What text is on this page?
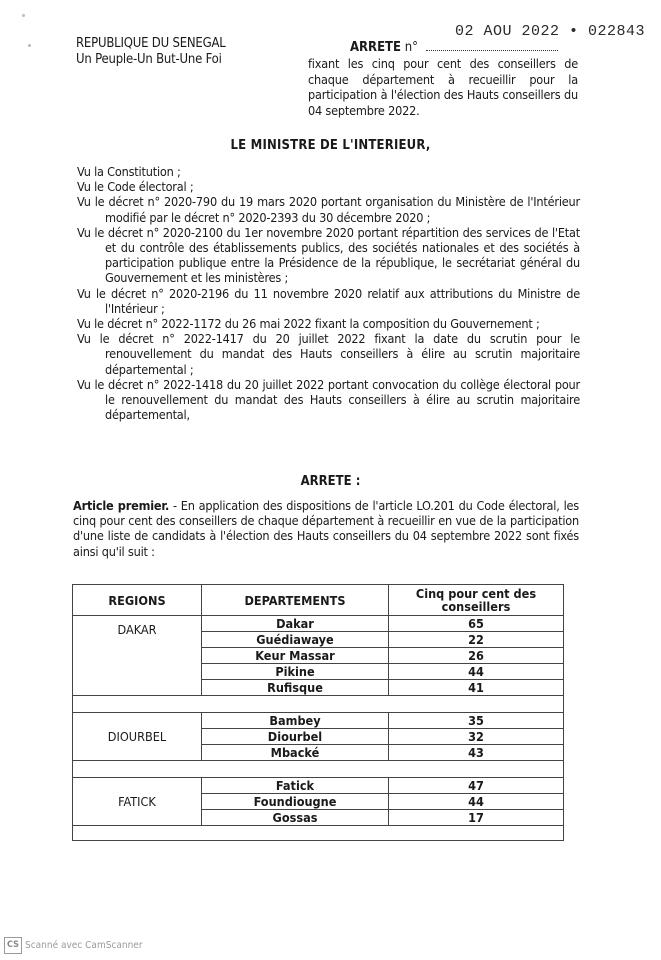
REPUBLIQUE DU SENEGAL
Un Peuple-Un But-Une Foi
02 AOU 2022 • 022843
ARRETE n°
fixant les cinq pour cent des conseillers de chaque département à recueillir pour la participation à l'élection des Hauts conseillers du 04 septembre 2022.
LE MINISTRE DE L'INTERIEUR,
Vu la Constitution ;
Vu le Code électoral ;
Vu le décret n° 2020-790 du 19 mars 2020 portant organisation du Ministère de l'Intérieur modifié par le décret n° 2020-2393 du 30 décembre 2020 ;
Vu le décret n° 2020-2100 du 1er novembre 2020 portant répartition des services de l'Etat et du contrôle des établissements publics, des sociétés nationales et des sociétés à participation publique entre la Présidence de la république, le secrétariat général du Gouvernement et les ministères ;
Vu le décret n° 2020-2196 du 11 novembre 2020 relatif aux attributions du Ministre de l'Intérieur ;
Vu le décret n° 2022-1172 du 26 mai 2022 fixant la composition du Gouvernement ;
Vu le décret n° 2022-1417 du 20 juillet 2022 fixant la date du scrutin pour le renouvellement du mandat des Hauts conseillers à élire au scrutin majoritaire départemental ;
Vu le décret n° 2022-1418 du 20 juillet 2022 portant convocation du collège électoral pour le renouvellement du mandat des Hauts conseillers à élire au scrutin majoritaire départemental,
ARRETE :
Article premier. - En application des dispositions de l'article LO.201 du Code électoral, les cinq pour cent des conseillers de chaque département à recueillir en vue de la participation d'une liste de candidats à l'élection des Hauts conseillers du 04 septembre 2022 sont fixés ainsi qu'il suit :
REGIONS	DEPARTEMENTS	Cinq pour cent des conseillers
DAKAR	Dakar	65
	Guédiawaye	22
	Keur Massar	26
	Pikine	44
	Rufisque	41

DIOURBEL	Bambey	35
	Diourbel	32
	Mbacké	43

FATICK	Fatick	47
	Foundiougne	44
	Gossas	17

CS Scanné avec CamScanner
